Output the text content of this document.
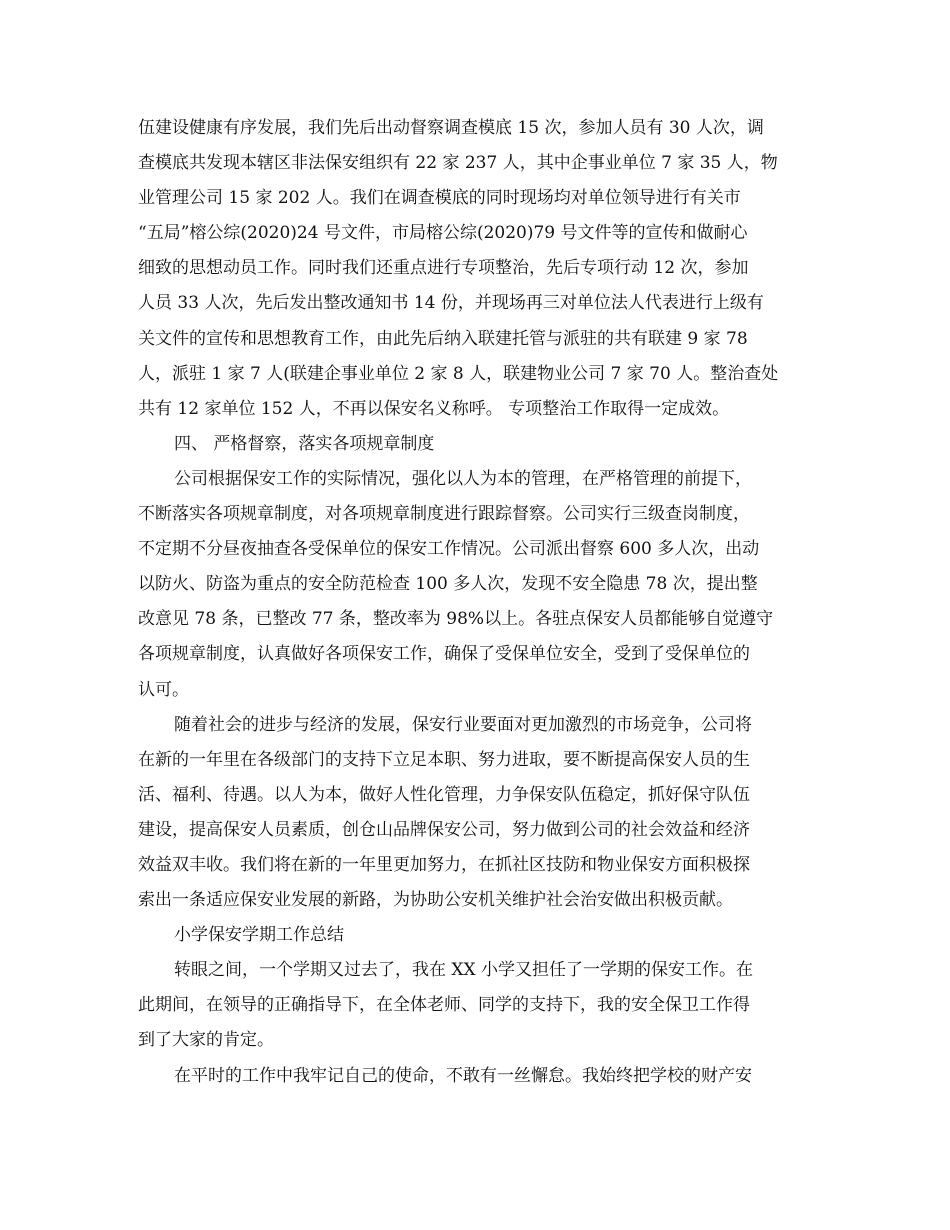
伍建设健康有序发展，我们先后出动督察调查模底 15 次，参加人员有 30 人次，调
查模底共发现本辖区非法保安组织有 22 家 237 人，其中企事业单位 7 家 35 人，物
业管理公司 15 家 202 人。我们在调查模底的同时现场均对单位领导进行有关市
“五局”榕公综(2020)24 号文件，市局榕公综(2020)79 号文件等的宣传和做耐心
细致的思想动员工作。同时我们还重点进行专项整治，先后专项行动 12 次，参加
人员 33 人次，先后发出整改通知书 14 份，并现场再三对单位法人代表进行上级有
关文件的宣传和思想教育工作，由此先后纳入联建托管与派驻的共有联建 9 家 78
人，派驻 1 家 7 人(联建企事业单位 2 家 8 人，联建物业公司 7 家 70 人。整治查处
共有 12 家单位 152 人，不再以保安名义称呼。 专项整治工作取得一定成效。
四、 严格督察，落实各项规章制度
公司根据保安工作的实际情况，强化以人为本的管理，在严格管理的前提下，
不断落实各项规章制度，对各项规章制度进行跟踪督察。公司实行三级查岗制度，
不定期不分昼夜抽查各受保单位的保安工作情况。公司派出督察 600 多人次，出动
以防火、防盗为重点的安全防范检查 100 多人次，发现不安全隐患 78 次，提出整
改意见 78 条，已整改 77 条，整改率为 98%以上。各驻点保安人员都能够自觉遵守
各项规章制度，认真做好各项保安工作，确保了受保单位安全，受到了受保单位的
认可。
随着社会的进步与经济的发展，保安行业要面对更加激烈的市场竞争，公司将
在新的一年里在各级部门的支持下立足本职、努力进取，要不断提高保安人员的生
活、福利、待遇。以人为本，做好人性化管理，力争保安队伍稳定，抓好保守队伍
建设，提高保安人员素质，创仓山品牌保安公司，努力做到公司的社会效益和经济
效益双丰收。我们将在新的一年里更加努力，在抓社区技防和物业保安方面积极探
索出一条适应保安业发展的新路，为协助公安机关维护社会治安做出积极贡献。
小学保安学期工作总结
转眼之间，一个学期又过去了，我在 XX 小学又担任了一学期的保安工作。在
此期间，在领导的正确指导下，在全体老师、同学的支持下，我的安全保卫工作得
到了大家的肯定。
在平时的工作中我牢记自己的使命，不敢有一丝懈怠。我始终把学校的财产安
